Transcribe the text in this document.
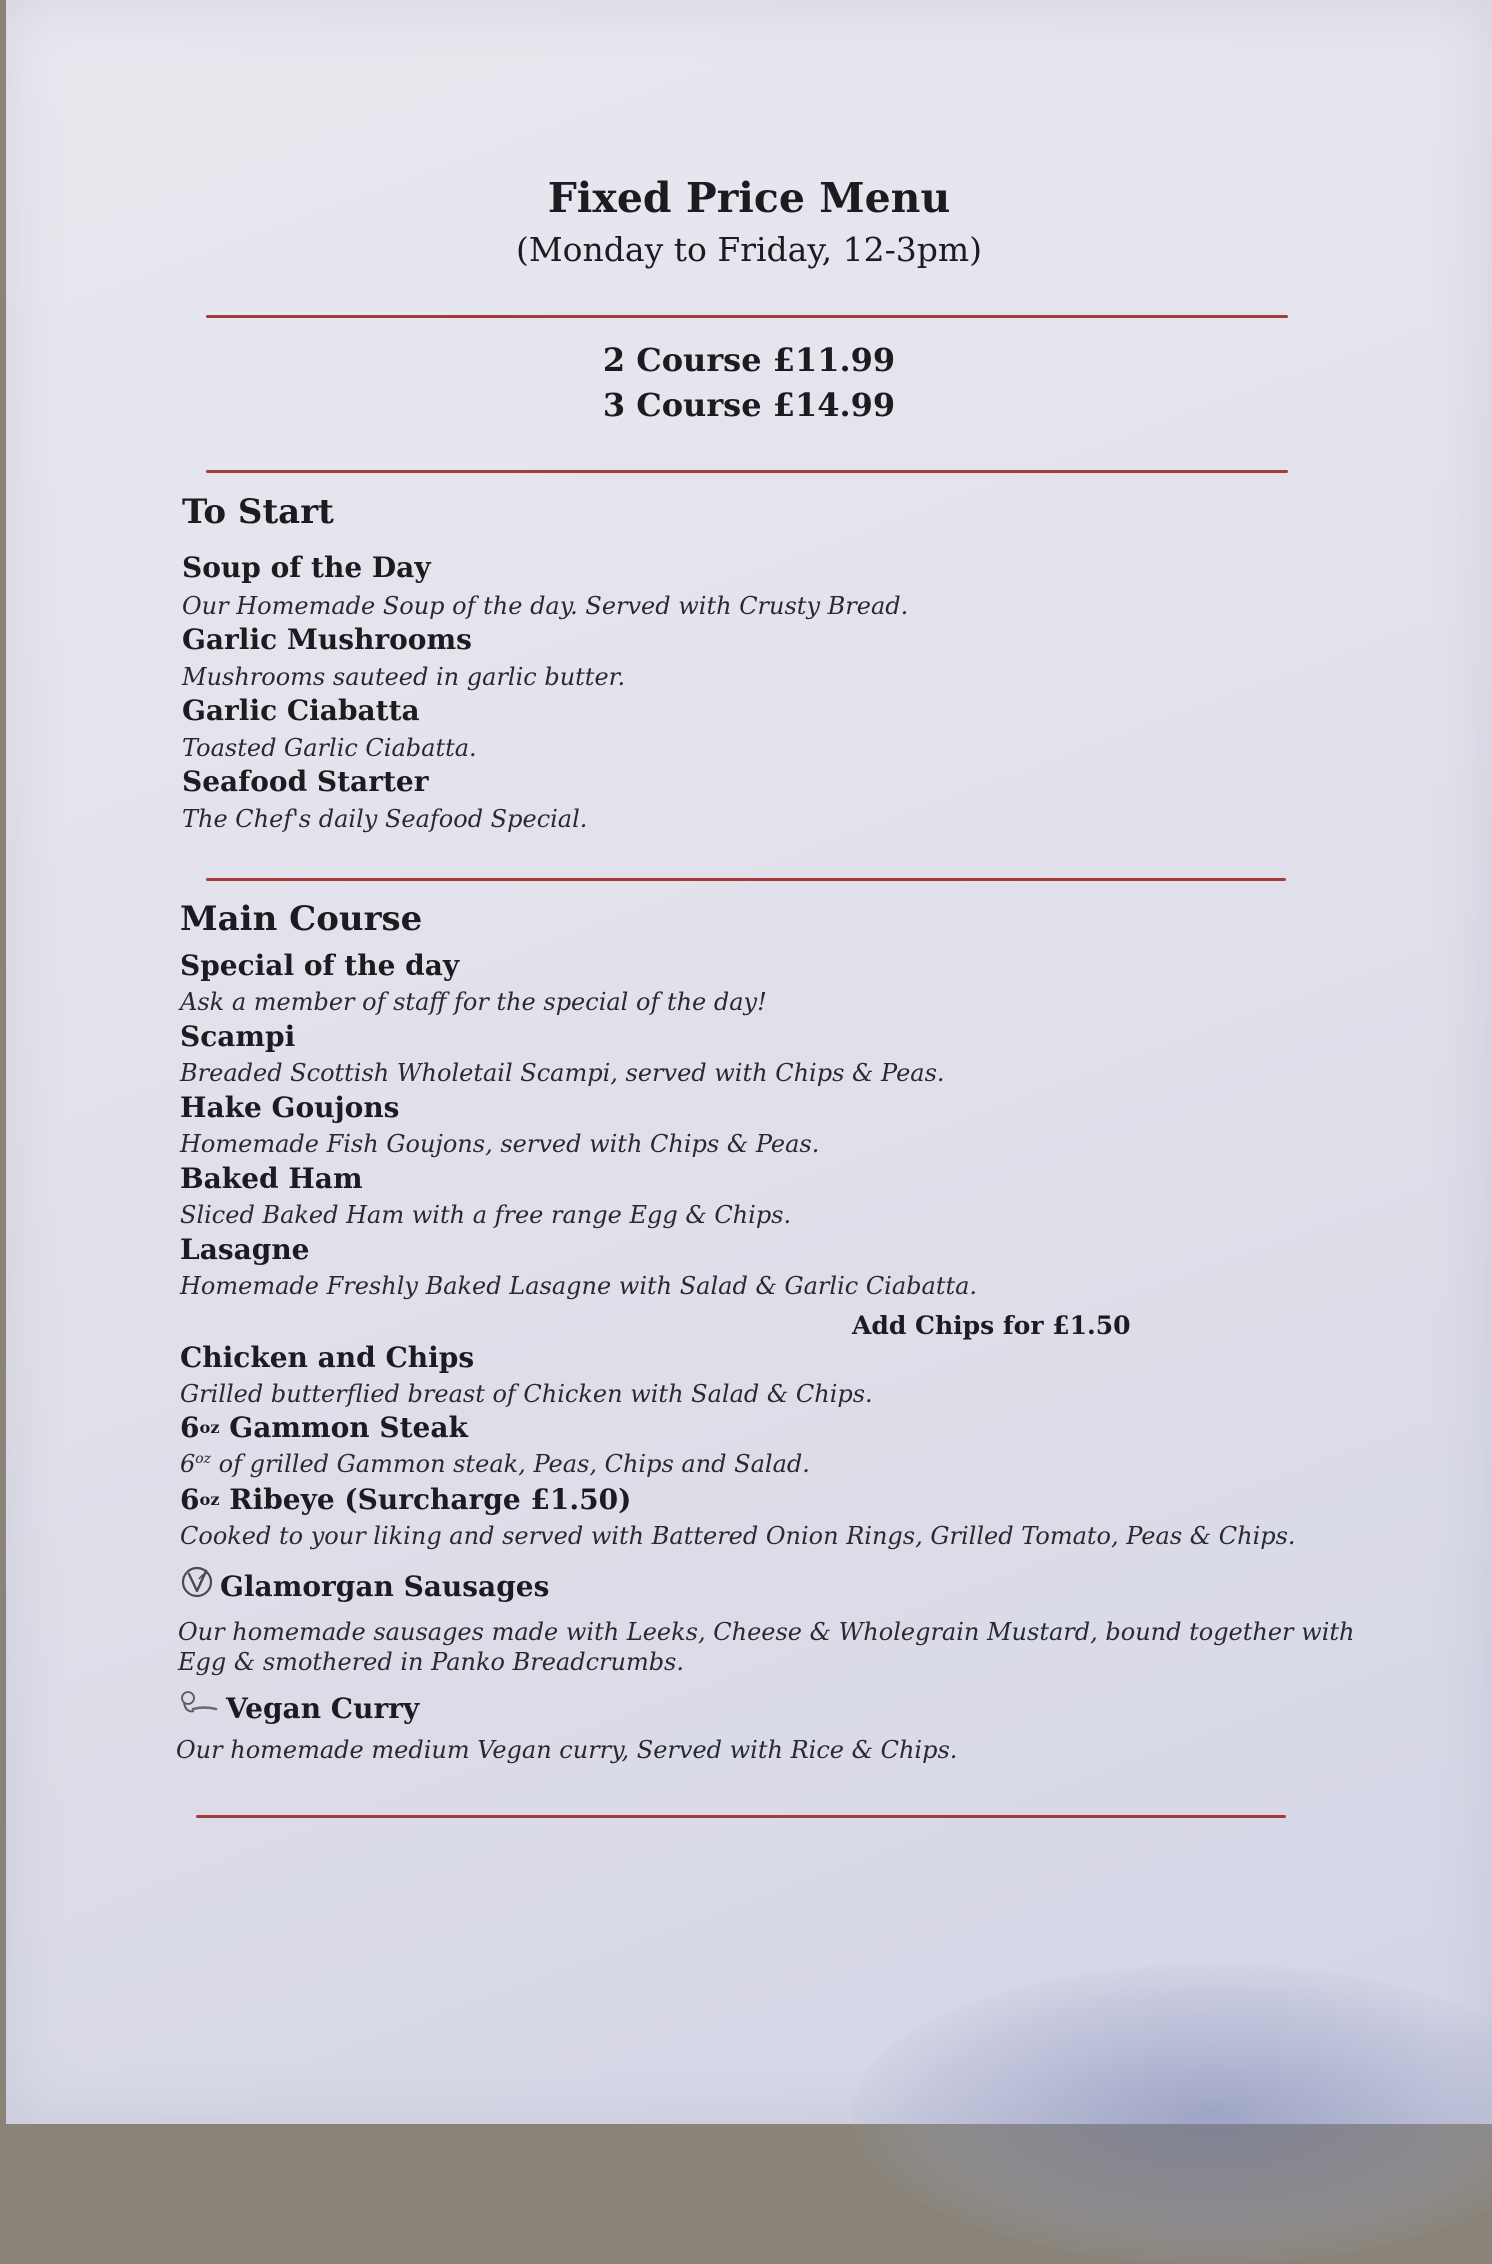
Fixed Price Menu
(Monday to Friday, 12-3pm)
2 Course £11.99
3 Course £14.99
To Start
Soup of the Day
Our Homemade Soup of the day. Served with Crusty Bread.
Garlic Mushrooms
Mushrooms sauteed in garlic butter.
Garlic Ciabatta
Toasted Garlic Ciabatta.
Seafood Starter
The Chef's daily Seafood Special.
Main Course
Special of the day
Ask a member of staff for the special of the day!
Scampi
Breaded Scottish Wholetail Scampi, served with Chips & Peas.
Hake Goujons
Homemade Fish Goujons, served with Chips & Peas.
Baked Ham
Sliced Baked Ham with a free range Egg & Chips.
Lasagne
Homemade Freshly Baked Lasagne with Salad & Garlic Ciabatta.
Add Chips for £1.50
Chicken and Chips
Grilled butterflied breast of Chicken with Salad & Chips.
6 oz Gammon Steak
$6^{oz}$ of grilled Gammon steak, Peas, Chips and Salad.
6 oz Ribeye (Surcharge £1.50)
Cooked to your liking and served with Battered Onion Rings, Grilled Tomato, Peas & Chips.
Glamorgan Sausages
Our homemade sausages made with Leeks, Cheese & Wholegrain Mustard, bound together with
Egg & smothered in Panko Breadcrumbs.
Vegan Curry
Our homemade medium Vegan curry, Served with Rice & Chips.
